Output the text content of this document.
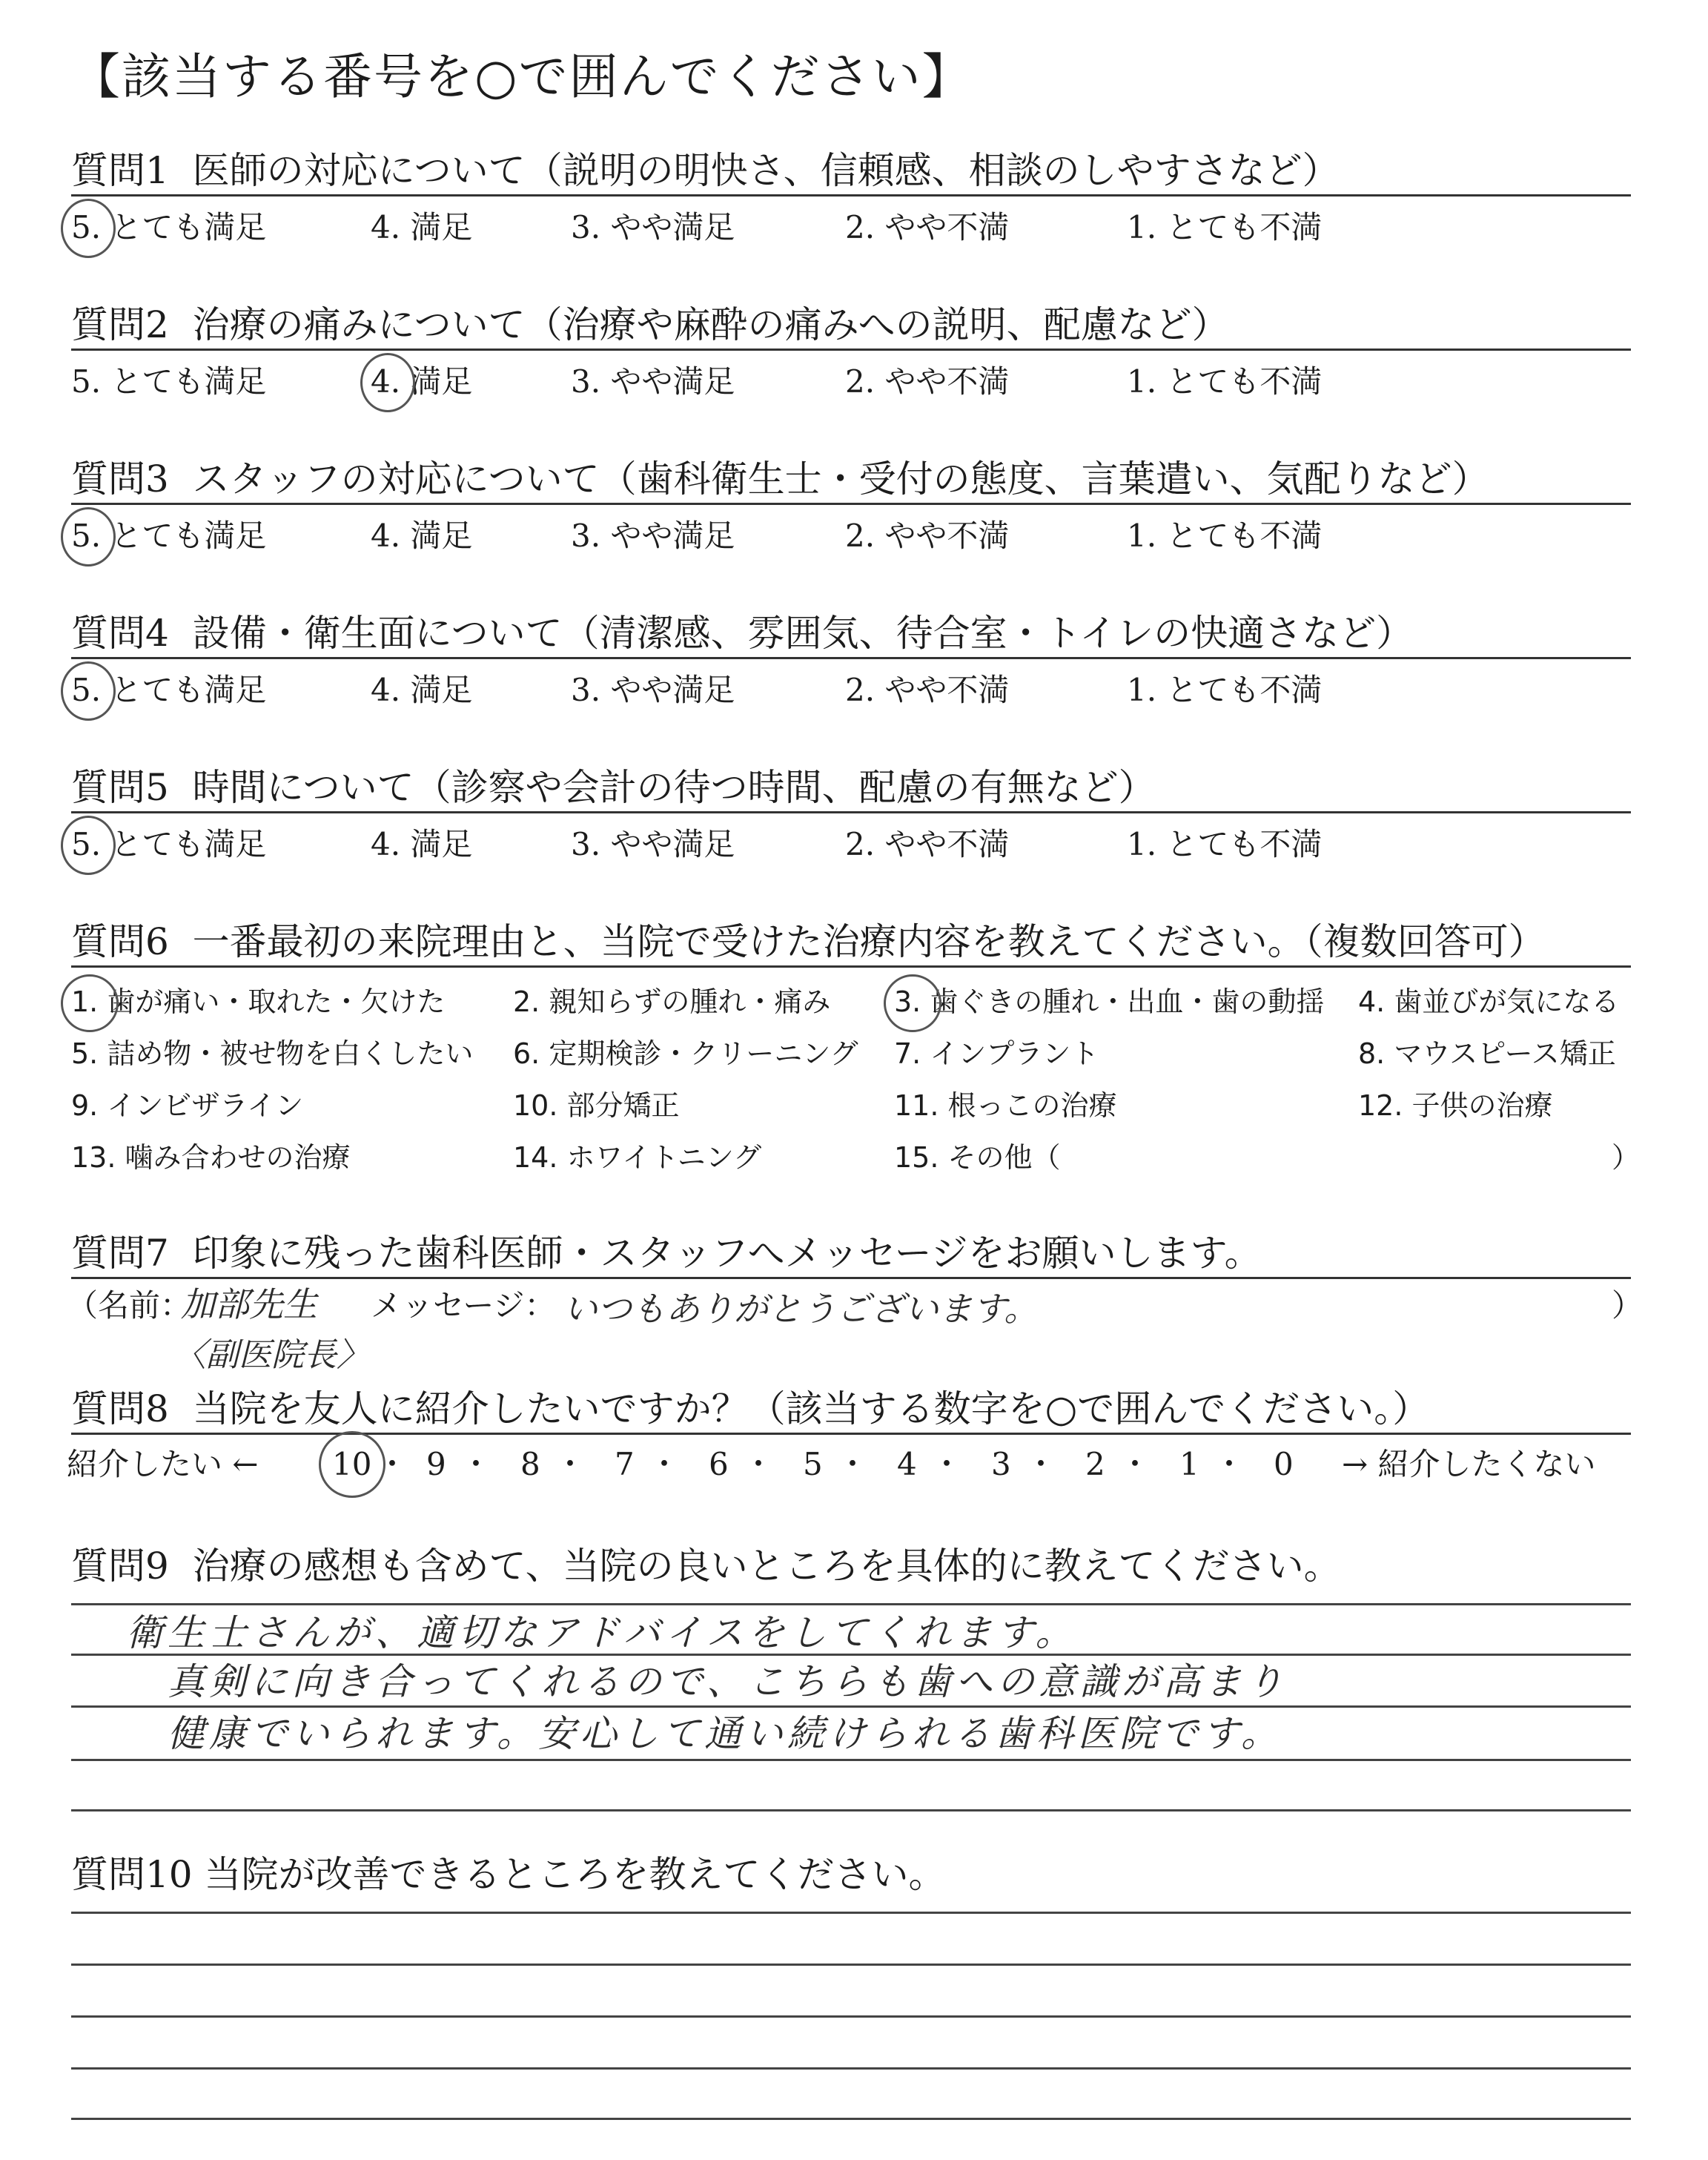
【該当する番号を○で囲んでください】
質問1 医師の対応について（説明の明快さ、信頼感、相談のしやすさなど）
5. とても満足	4. 満足	3. やや満足	2. やや不満	1. とても不満
質問2 治療の痛みについて（治療や麻酔の痛みへの説明、配慮など）
5. とても満足	4. 満足	3. やや満足	2. やや不満	1. とても不満
質問3 スタッフの対応について（歯科衛生士・受付の態度、言葉遣い、気配りなど）
5. とても満足	4. 満足	3. やや満足	2. やや不満	1. とても不満
質問4 設備・衛生面について（清潔感、雰囲気、待合室・トイレの快適さなど）
5. とても満足	4. 満足	3. やや満足	2. やや不満	1. とても不満
質問5 時間について（診察や会計の待つ時間、配慮の有無など）
5. とても満足	4. 満足	3. やや満足	2. やや不満	1. とても不満
質問6 一番最初の来院理由と、当院で受けた治療内容を教えてください。（複数回答可）
1. 歯が痛い・取れた・欠けた 2. 親知らずの腫れ・痛み 3. 歯ぐきの腫れ・出血・歯の動揺 4. 歯並びが気になる
5. 詰め物・被せ物を白くしたい 6. 定期検診・クリーニング 7. インプラント	8. マウスピース矯正
9. インビザライン	10. 部分矯正	11. 根っこの治療	12. 子供の治療
13. 噛み合わせの治療	14. ホワイトニング	15. その他（	）
質問7 印象に残った歯科医師・スタッフへメッセージをお願いします。
（名前：
加部先生
〈副医院長〉
メッセージ： いつもありがとうございます。	）
質問8 当院を友人に紹介したいですか？（該当する数字を○で囲んでください。）
紹介したい ← 10 ・ 9 ・ 8 ・ 7 ・ 6 ・ 5 ・ 4 ・ 3 ・ 2 ・ 1 ・ 0 → 紹介したくない
質問9 治療の感想も含めて、当院の良いところを具体的に教えてください。
衛生士さんが、適切なアドバイスをしてくれます。
真剣に向き合ってくれるので、こちらも歯への意識が高まり
健康でいられます。安心して通い続けられる歯科医院です。
質問10 当院が改善できるところを教えてください。
